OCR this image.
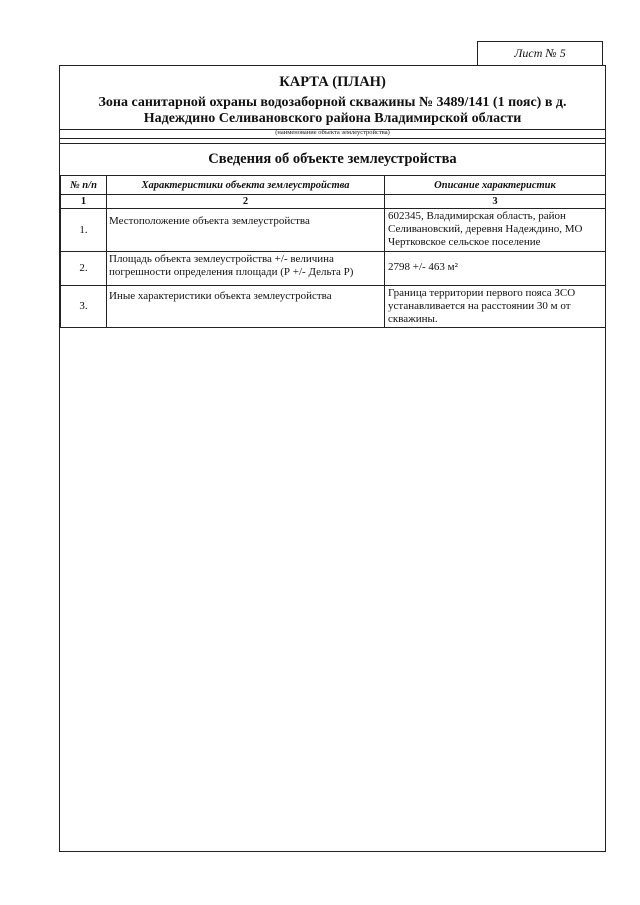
Лист № 5
КАРТА (ПЛАН)
Зона санитарной охраны водозаборной скважины № 3489/141 (1 пояс) в д. Надеждино Селивановского района Владимирской области
(наименование объекта землеустройства)
Сведения об объекте землеустройства
№ п/п	Характеристики объекта землеустройства	Описание характеристик
1	2	3
1.	Местоположение объекта землеустройства	602345, Владимирская область, район Селивановский, деревня Надеждино, МО Чертковское сельское поселение
2.	Площадь объекта землеустройства +/- величина погрешности определения площади (Р +/- Дельта Р)	2798 +/- 463 м²
3.	Иные характеристики объекта землеустройства	Граница территории первого пояса ЗСО устанавливается на расстоянии 30 м от скважины.
